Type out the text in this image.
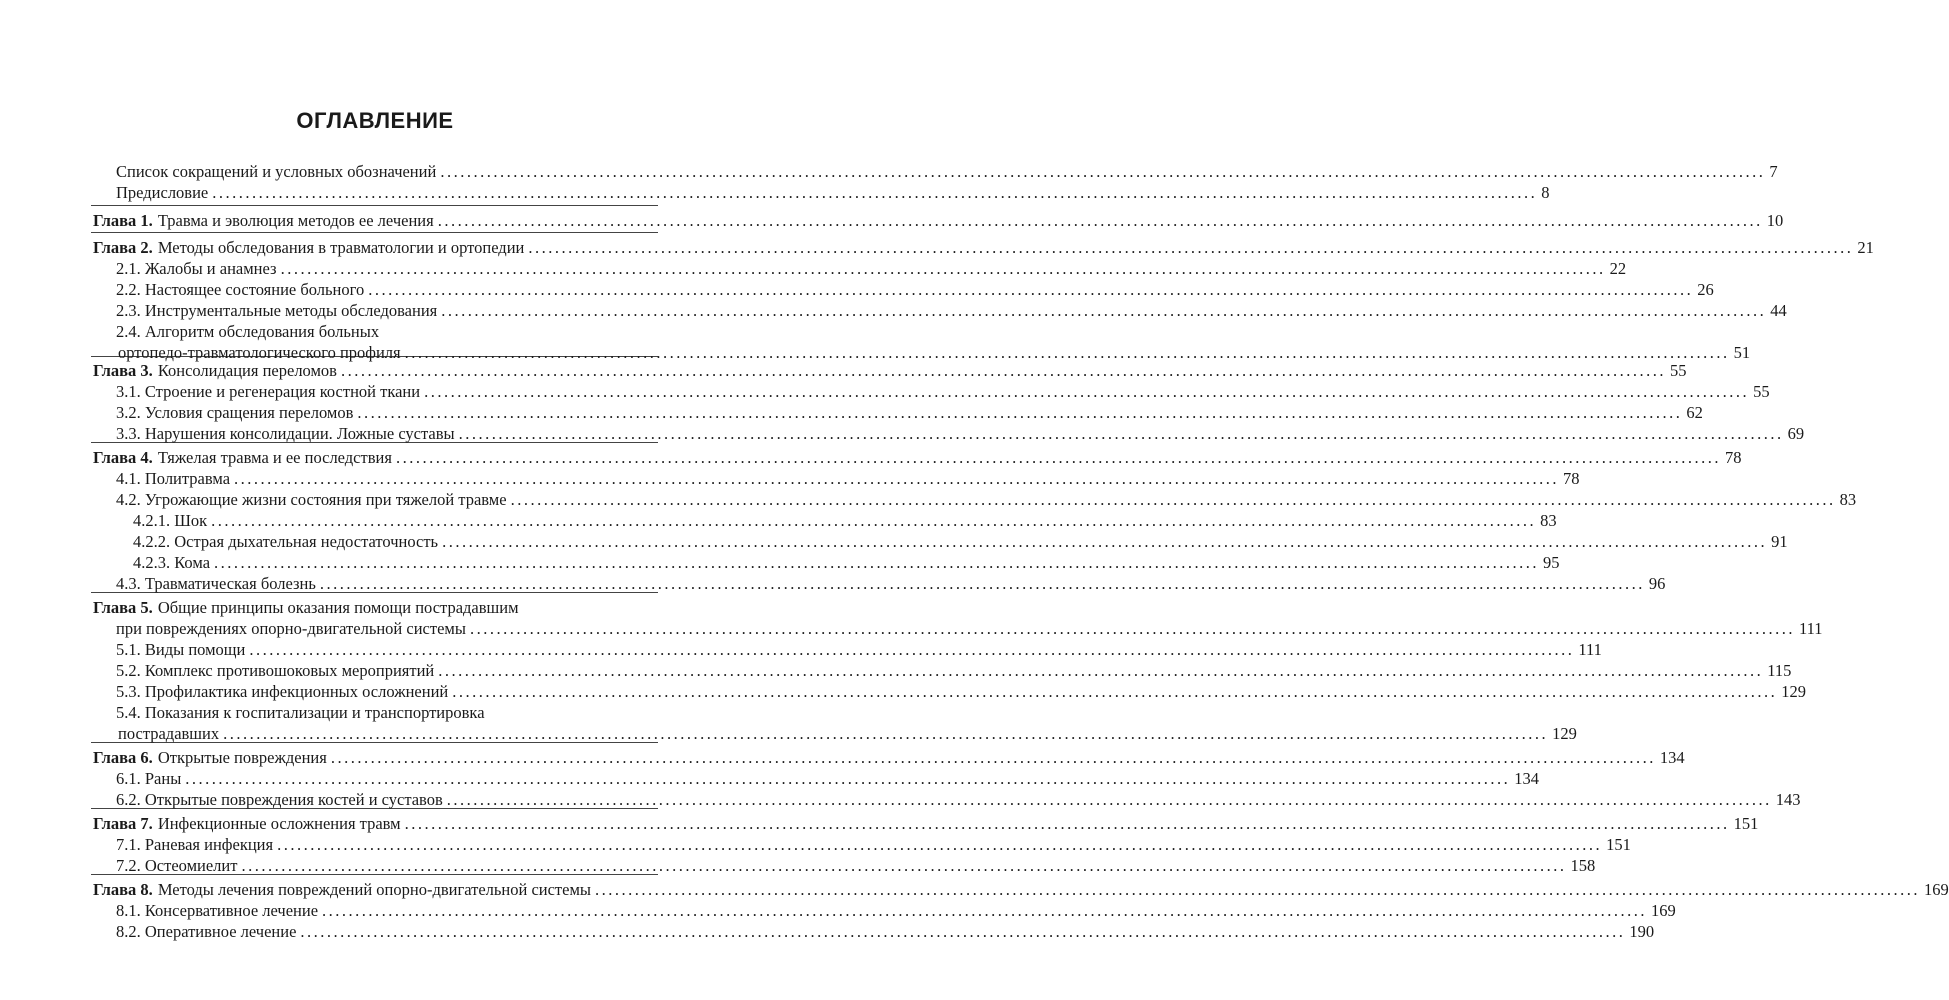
ОГЛАВЛЕНИЕ
Список сокращений и условных обозначений ........................................................................................................................................................................................................ 7
Предисловие ........................................................................................................................................................................................................ 8
Глава 1. Травма и эволюция методов ее лечения ........................................................................................................................................................................................................ 10
Глава 2. Методы обследования в травматологии и ортопедии ........................................................................................................................................................................................................ 21
2.1. Жалобы и анамнез ........................................................................................................................................................................................................ 22
2.2. Настоящее состояние больного ........................................................................................................................................................................................................ 26
2.3. Инструментальные методы обследования ........................................................................................................................................................................................................ 44
2.4. Алгоритм обследования больных
ортопедо-травматологического профиля ........................................................................................................................................................................................................ 51
Глава 3. Консолидация переломов ........................................................................................................................................................................................................ 55
3.1. Строение и регенерация костной ткани ........................................................................................................................................................................................................ 55
3.2. Условия сращения переломов ........................................................................................................................................................................................................ 62
3.3. Нарушения консолидации. Ложные суставы ........................................................................................................................................................................................................ 69
Глава 4. Тяжелая травма и ее последствия ........................................................................................................................................................................................................ 78
4.1. Политравма ........................................................................................................................................................................................................ 78
4.2. Угрожающие жизни состояния при тяжелой травме ........................................................................................................................................................................................................ 83
4.2.1. Шок ........................................................................................................................................................................................................ 83
4.2.2. Острая дыхательная недостаточность ........................................................................................................................................................................................................ 91
4.2.3. Кома ........................................................................................................................................................................................................ 95
4.3. Травматическая болезнь ........................................................................................................................................................................................................ 96
Глава 5. Общие принципы оказания помощи пострадавшим
при повреждениях опорно-двигательной системы ........................................................................................................................................................................................................ 111
5.1. Виды помощи ........................................................................................................................................................................................................ 111
5.2. Комплекс противошоковых мероприятий ........................................................................................................................................................................................................ 115
5.3. Профилактика инфекционных осложнений ........................................................................................................................................................................................................ 129
5.4. Показания к госпитализации и транспортировка
пострадавших ........................................................................................................................................................................................................ 129
Глава 6. Открытые повреждения ........................................................................................................................................................................................................ 134
6.1. Раны ........................................................................................................................................................................................................ 134
6.2. Открытые повреждения костей и суставов ........................................................................................................................................................................................................ 143
Глава 7. Инфекционные осложнения травм ........................................................................................................................................................................................................ 151
7.1. Раневая инфекция ........................................................................................................................................................................................................ 151
7.2. Остеомиелит ........................................................................................................................................................................................................ 158
Глава 8. Методы лечения повреждений опорно-двигательной системы ........................................................................................................................................................................................................ 169
8.1. Консервативное лечение ........................................................................................................................................................................................................ 169
8.2. Оперативное лечение ........................................................................................................................................................................................................ 190
